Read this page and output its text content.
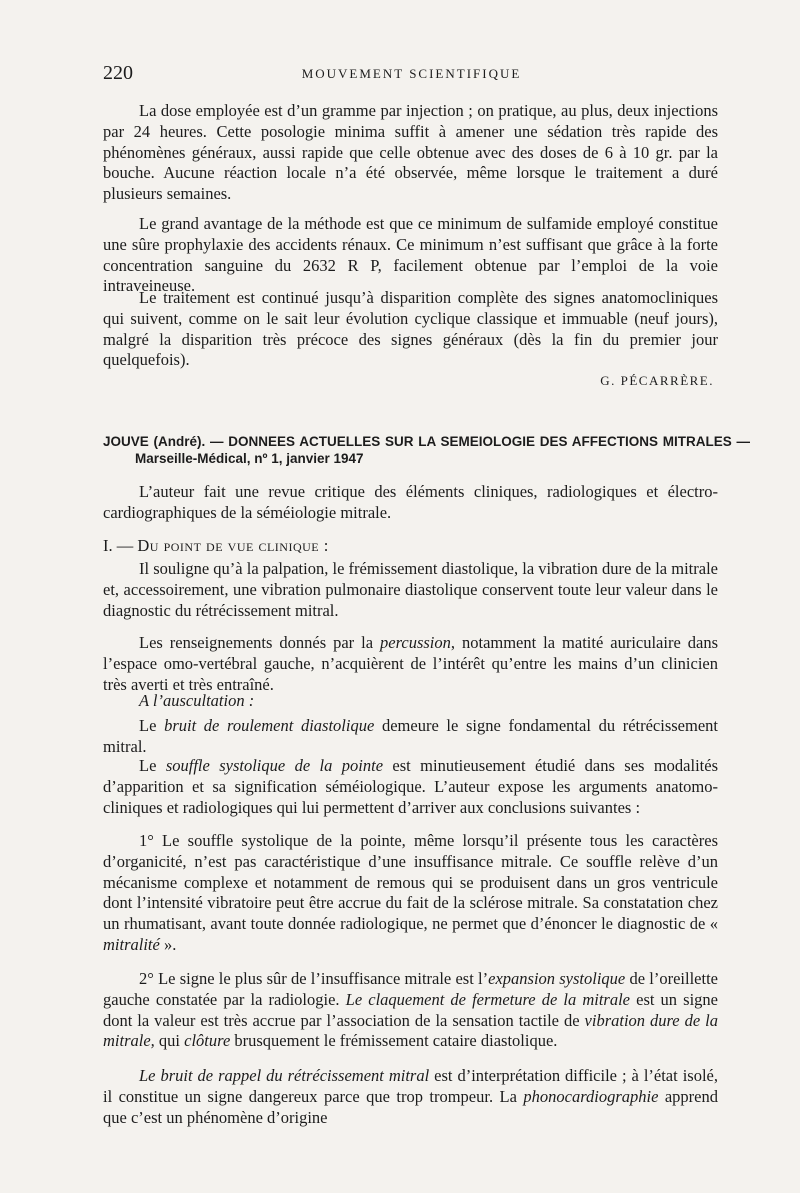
220	MOUVEMENT SCIENTIFIQUE

La dose employée est d’un gramme par injection ; on pratique, au plus, deux injections par 24 heures. Cette posologie minima suffit à amener une sédation très rapide des phénomènes généraux, aussi rapide que celle obtenue avec des doses de 6 à 10 gr. par la bouche. Aucune réaction locale n’a été observée, même lorsque le traitement a duré plusieurs semaines.

Le grand avantage de la méthode est que ce minimum de sulfamide employé constitue une sûre prophylaxie des accidents rénaux. Ce minimum n’est suffisant que grâce à la forte concentration sanguine du 2632 R P, facilement obtenue par l’emploi de la voie intraveineuse.

Le traitement est continué jusqu’à disparition complète des signes anatomocliniques qui suivent, comme on le sait leur évolution cyclique classique et immuable (neuf jours), malgré la disparition très précoce des signes généraux (dès la fin du premier jour quelquefois).

G. PÉCARRÈRE.

JOUVE (André). — DONNEES ACTUELLES SUR LA SEMEIOLOGIE DES AFFECTIONS MITRALES — Marseille-Médical, nº 1, janvier 1947

L’auteur fait une revue critique des éléments cliniques, radiologiques et électro-cardiographiques de la séméiologie mitrale.

I. — Du point de vue clinique :

Il souligne qu’à la palpation, le frémissement diastolique, la vibration dure de la mitrale et, accessoirement, une vibration pulmonaire diastolique conservent toute leur valeur dans le diagnostic du rétrécissement mitral.

Les renseignements donnés par la percussion, notamment la matité auriculaire dans l’espace omo-vertébral gauche, n’acquièrent de l’intérêt qu’entre les mains d’un clinicien très averti et très entraîné.

A l’auscultation :

Le bruit de roulement diastolique demeure le signe fondamental du rétrécissement mitral.

Le souffle systolique de la pointe est minutieusement étudié dans ses modalités d’apparition et sa signification séméiologique. L’auteur expose les arguments anatomo-cliniques et radiologiques qui lui permettent d’arriver aux conclusions suivantes :

1° Le souffle systolique de la pointe, même lorsqu’il présente tous les caractères d’organicité, n’est pas caractéristique d’une insuffisance mitrale. Ce souffle relève d’un mécanisme complexe et notamment de remous qui se produisent dans un gros ventricule dont l’intensité vibratoire peut être accrue du fait de la sclérose mitrale. Sa constatation chez un rhumatisant, avant toute donnée radiologique, ne permet que d’énoncer le diagnostic de « mitralité ».

2° Le signe le plus sûr de l’insuffisance mitrale est l’expansion systolique de l’oreillette gauche constatée par la radiologie. Le claquement de fermeture de la mitrale est un signe dont la valeur est très accrue par l’association de la sensation tactile de vibration dure de la mitrale, qui clôture brusquement le frémissement cataire diastolique.

Le bruit de rappel du rétrécissement mitral est d’interprétation difficile ; à l’état isolé, il constitue un signe dangereux parce que trop trompeur. La phonocardiographie apprend que c’est un phénomène d’origine
